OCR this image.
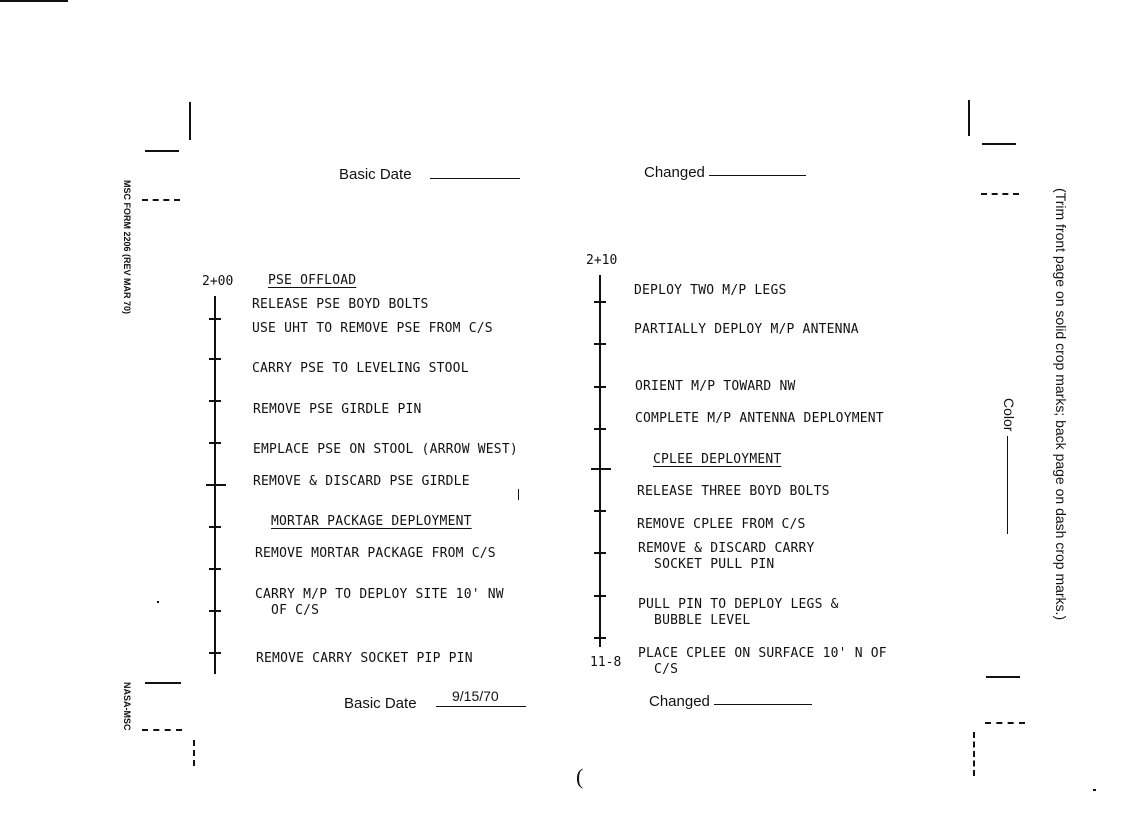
MSC FORM 2206 (REV MAR 70)
NASA-MSC
(Trim front page on solid crop marks; back page on dash crop marks.)
Color
Basic Date	Changed
2+00	PSE OFFLOAD
RELEASE PSE BOYD BOLTS
USE UHT TO REMOVE PSE FROM C/S
CARRY PSE TO LEVELING STOOL
REMOVE PSE GIRDLE PIN
EMPLACE PSE ON STOOL (ARROW WEST)
REMOVE & DISCARD PSE GIRDLE
MORTAR PACKAGE DEPLOYMENT
REMOVE MORTAR PACKAGE FROM C/S
CARRY M/P TO DEPLOY SITE 10' NW
OF C/S
REMOVE CARRY SOCKET PIP PIN
2+10
11-8
DEPLOY TWO M/P LEGS
PARTIALLY DEPLOY M/P ANTENNA
ORIENT M/P TOWARD NW
COMPLETE M/P ANTENNA DEPLOYMENT
CPLEE DEPLOYMENT
RELEASE THREE BOYD BOLTS
REMOVE CPLEE FROM C/S
REMOVE & DISCARD CARRY
SOCKET PULL PIN
PULL PIN TO DEPLOY LEGS &
BUBBLE LEVEL
PLACE CPLEE ON SURFACE 10' N OF
C/S
Basic Date	9/15/70	Changed
(
